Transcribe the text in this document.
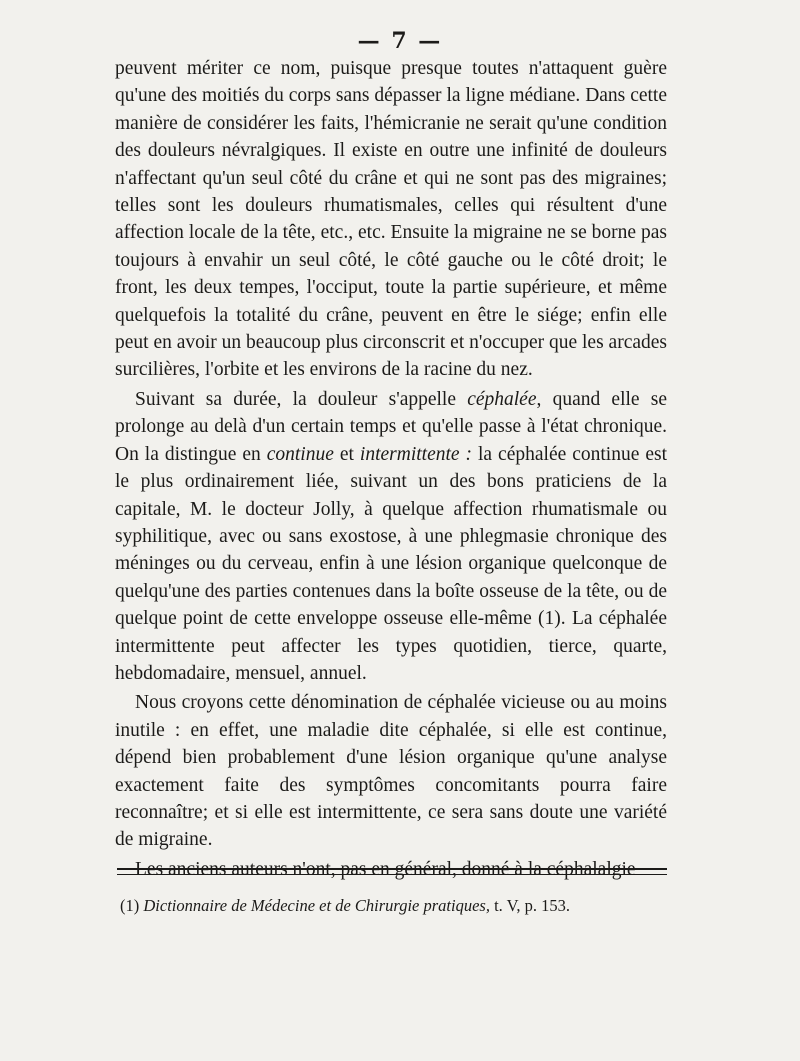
— 7 —

peuvent mériter ce nom, puisque presque toutes n'attaquent guère qu'une des moitiés du corps sans dépasser la ligne médiane. Dans cette manière de considérer les faits, l'hémicranie ne serait qu'une condition des douleurs névralgiques. Il existe en outre une infinité de douleurs n'affectant qu'un seul côté du crâne et qui ne sont pas des migraines; telles sont les douleurs rhumatismales, celles qui résultent d'une affection locale de la tête, etc., etc. Ensuite la migraine ne se borne pas toujours à envahir un seul côté, le côté gauche ou le côté droit; le front, les deux tempes, l'occiput, toute la partie supérieure, et même quelquefois la totalité du crâne, peuvent en être le siége; enfin elle peut en avoir un beaucoup plus circonscrit et n'occuper que les arcades surcilières, l'orbite et les environs de la racine du nez.

Suivant sa durée, la douleur s'appelle céphalée, quand elle se prolonge au delà d'un certain temps et qu'elle passe à l'état chronique. On la distingue en continue et intermittente : la céphalée continue est le plus ordinairement liée, suivant un des bons praticiens de la capitale, M. le docteur Jolly, à quelque affection rhumatismale ou syphilitique, avec ou sans exostose, à une phlegmasie chronique des méninges ou du cerveau, enfin à une lésion organique quelconque de quelqu'une des parties contenues dans la boîte osseuse de la tête, ou de quelque point de cette enveloppe osseuse elle-même (1). La céphalée intermittente peut affecter les types quotidien, tierce, quarte, hebdomadaire, mensuel, annuel.

Nous croyons cette dénomination de céphalée vicieuse ou au moins inutile : en effet, une maladie dite céphalée, si elle est continue, dépend bien probablement d'une lésion organique qu'une analyse exactement faite des symptômes concomitants pourra faire reconnaître; et si elle est intermittente, ce sera sans doute une variété de migraine.

Les anciens auteurs n'ont, pas en général, donné à la céphalalgie

(1) Dictionnaire de Médecine et de Chirurgie pratiques, t. V, p. 153.
